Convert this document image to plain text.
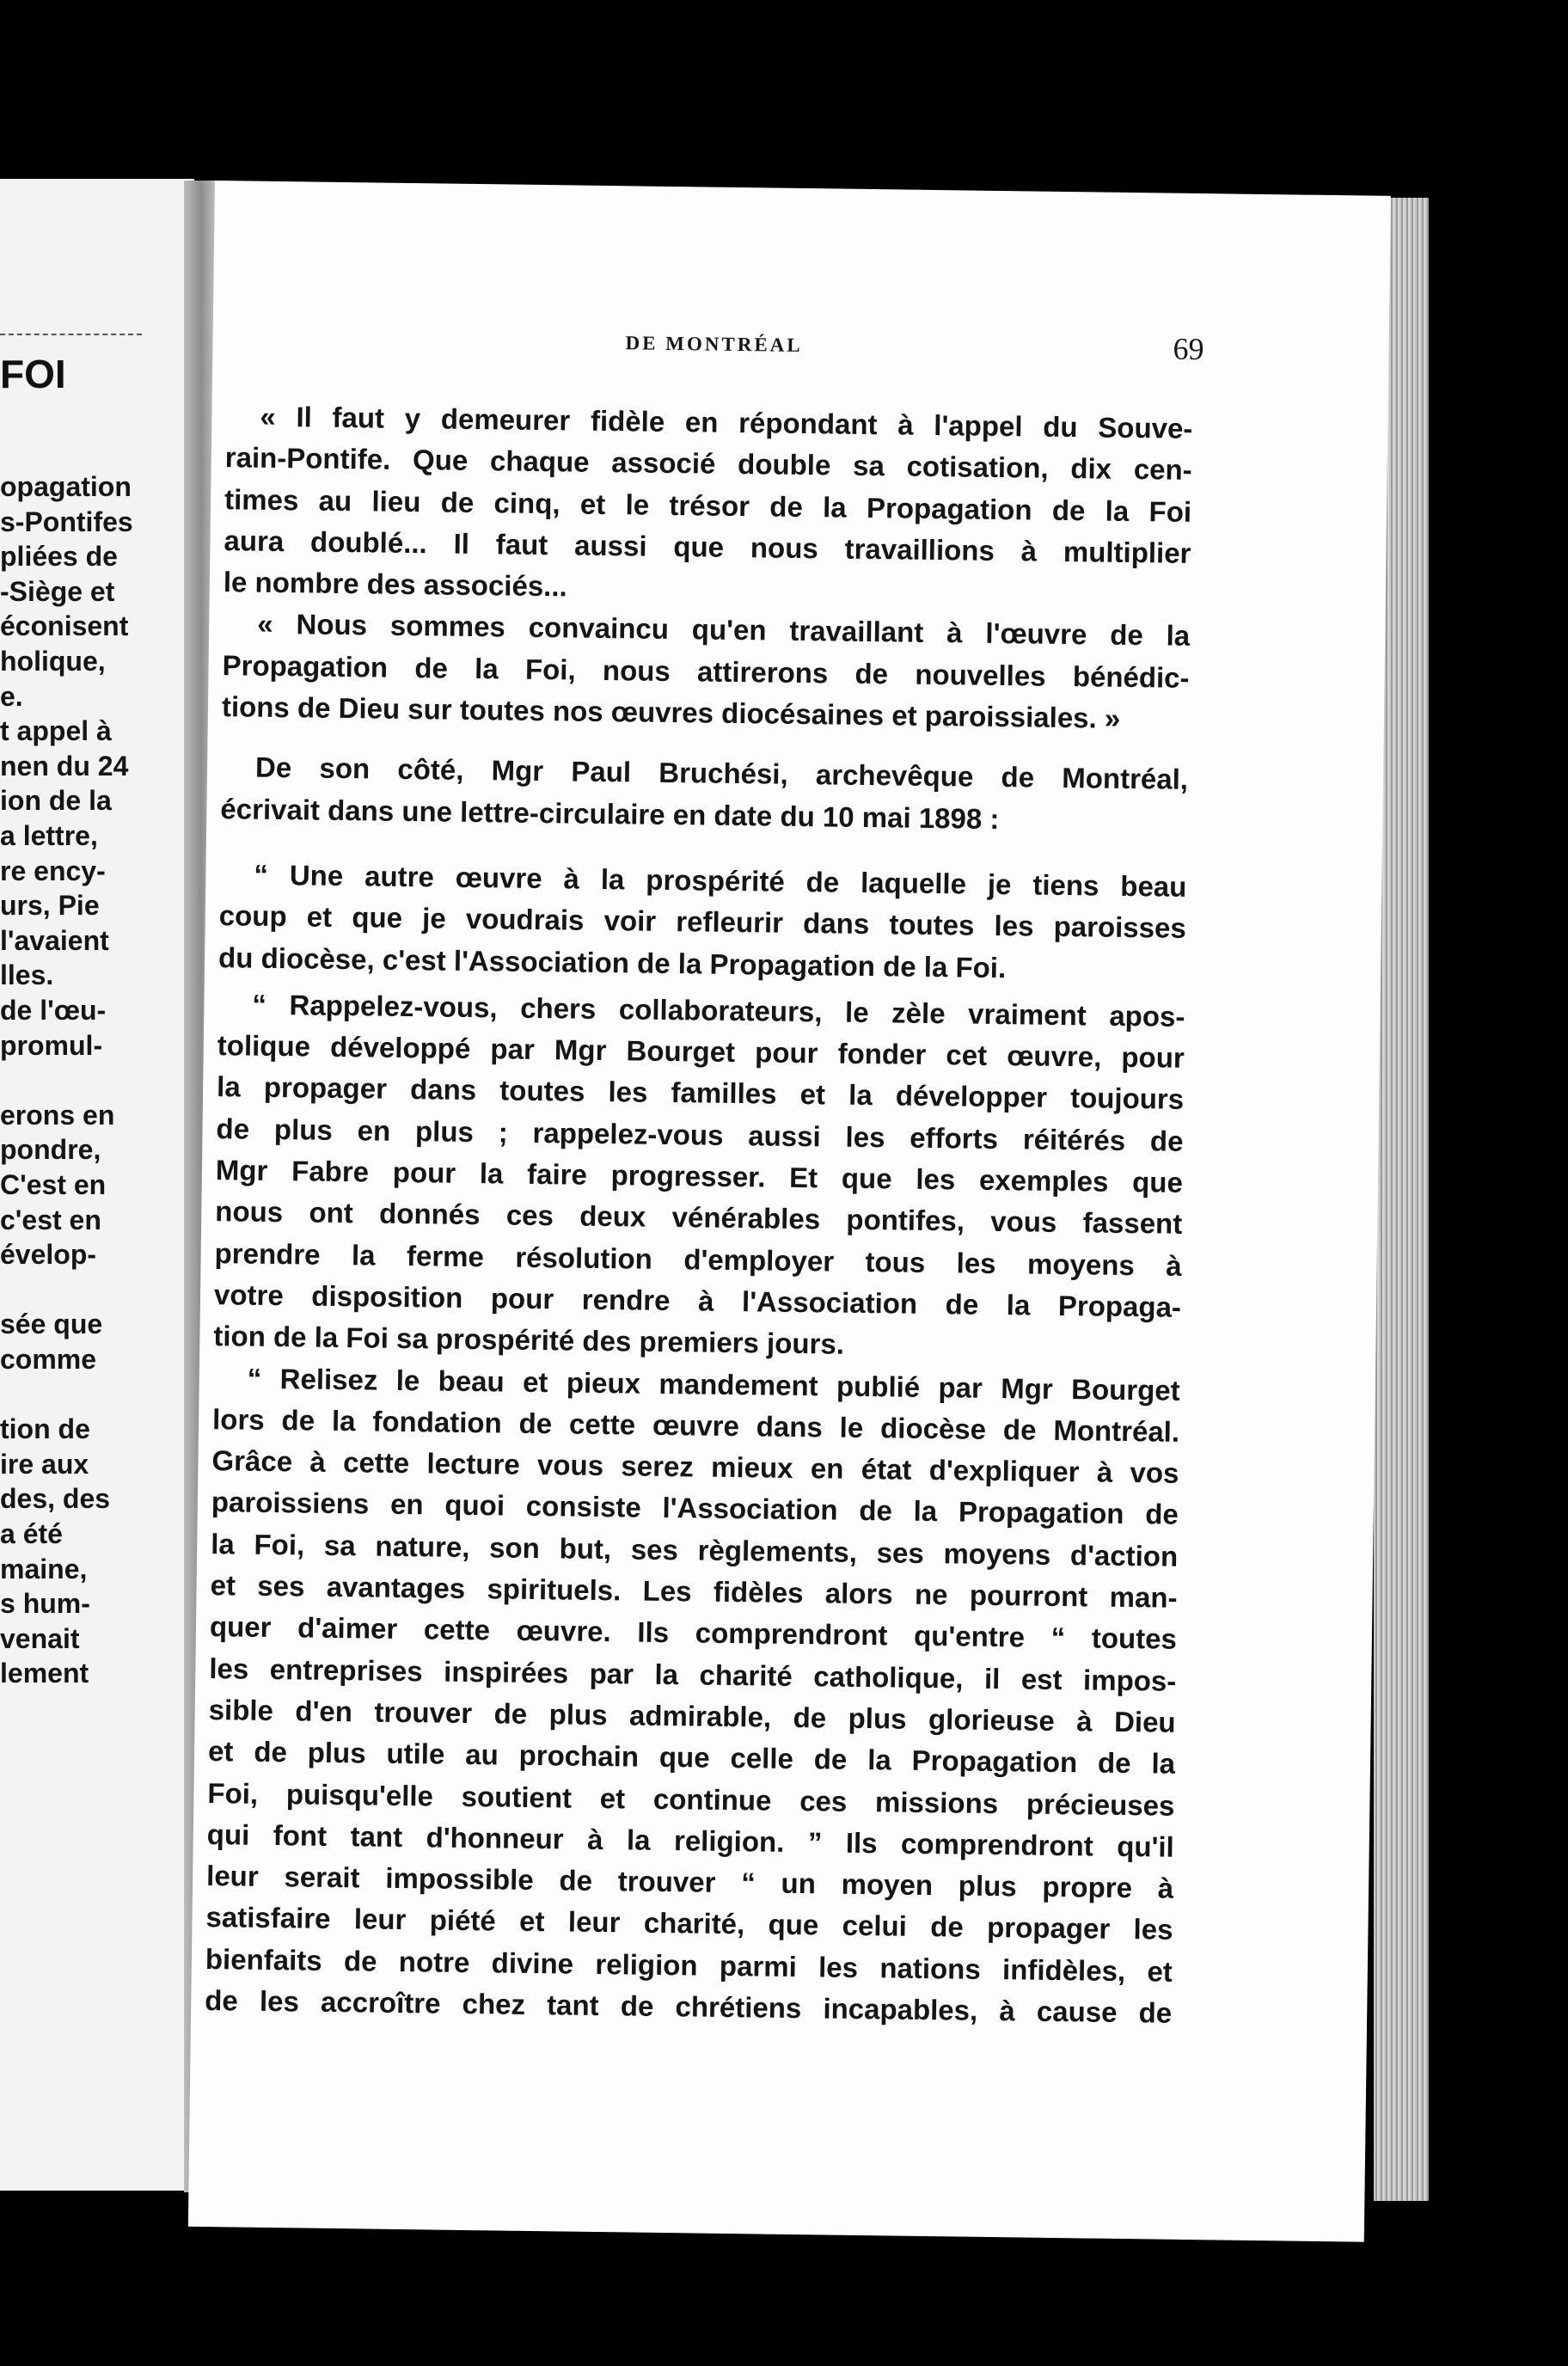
FOI
opagation
s-Pontifes
pliées de
-Siège et
éconisent
holique,
e.
t appel à
nen du 24
ion de la
a lettre,
re ency-
urs, Pie
l'avaient
lles.
de l'œu-
promul-
erons en
pondre,
C'est en
c'est en
évelop-
sée que
comme
tion de
ire aux
des, des
a été
maine,
s hum-
venait
lement
DE MONTRÉAL	69

« Il faut y demeurer fidèle en répondant à l'appel du Souve-

rain-Pontife. Que chaque associé double sa cotisation, dix cen-

times au lieu de cinq, et le trésor de la Propagation de la Foi

aura doublé... Il faut aussi que nous travaillions à multiplier

le nombre des associés...

« Nous sommes convaincu qu'en travaillant à l'œuvre de la

Propagation de la Foi, nous attirerons de nouvelles bénédic-

tions de Dieu sur toutes nos œuvres diocésaines et paroissiales. »

De son côté, Mgr Paul Bruchési, archevêque de Montréal,

écrivait dans une lettre-circulaire en date du 10 mai 1898 :

“ Une autre œuvre à la prospérité de laquelle je tiens beau

coup et que je voudrais voir refleurir dans toutes les paroisses

du diocèse, c'est l'Association de la Propagation de la Foi.

“ Rappelez-vous, chers collaborateurs, le zèle vraiment apos-

tolique développé par Mgr Bourget pour fonder cet œuvre, pour

la propager dans toutes les familles et la développer toujours

de plus en plus ; rappelez-vous aussi les efforts réitérés de

Mgr Fabre pour la faire progresser. Et que les exemples que

nous ont donnés ces deux vénérables pontifes, vous fassent

prendre la ferme résolution d'employer tous les moyens à

votre disposition pour rendre à l'Association de la Propaga-

tion de la Foi sa prospérité des premiers jours.

“ Relisez le beau et pieux mandement publié par Mgr Bourget

lors de la fondation de cette œuvre dans le diocèse de Montréal.

Grâce à cette lecture vous serez mieux en état d'expliquer à vos

paroissiens en quoi consiste l'Association de la Propagation de

la Foi, sa nature, son but, ses règlements, ses moyens d'action

et ses avantages spirituels. Les fidèles alors ne pourront man-

quer d'aimer cette œuvre. Ils comprendront qu'entre “ toutes

les entreprises inspirées par la charité catholique, il est impos-

sible d'en trouver de plus admirable, de plus glorieuse à Dieu

et de plus utile au prochain que celle de la Propagation de la

Foi, puisqu'elle soutient et continue ces missions précieuses

qui font tant d'honneur à la religion. ” Ils comprendront qu'il

leur serait impossible de trouver “ un moyen plus propre à

satisfaire leur piété et leur charité, que celui de propager les

bienfaits de notre divine religion parmi les nations infidèles, et

de les accroître chez tant de chrétiens incapables, à cause de
